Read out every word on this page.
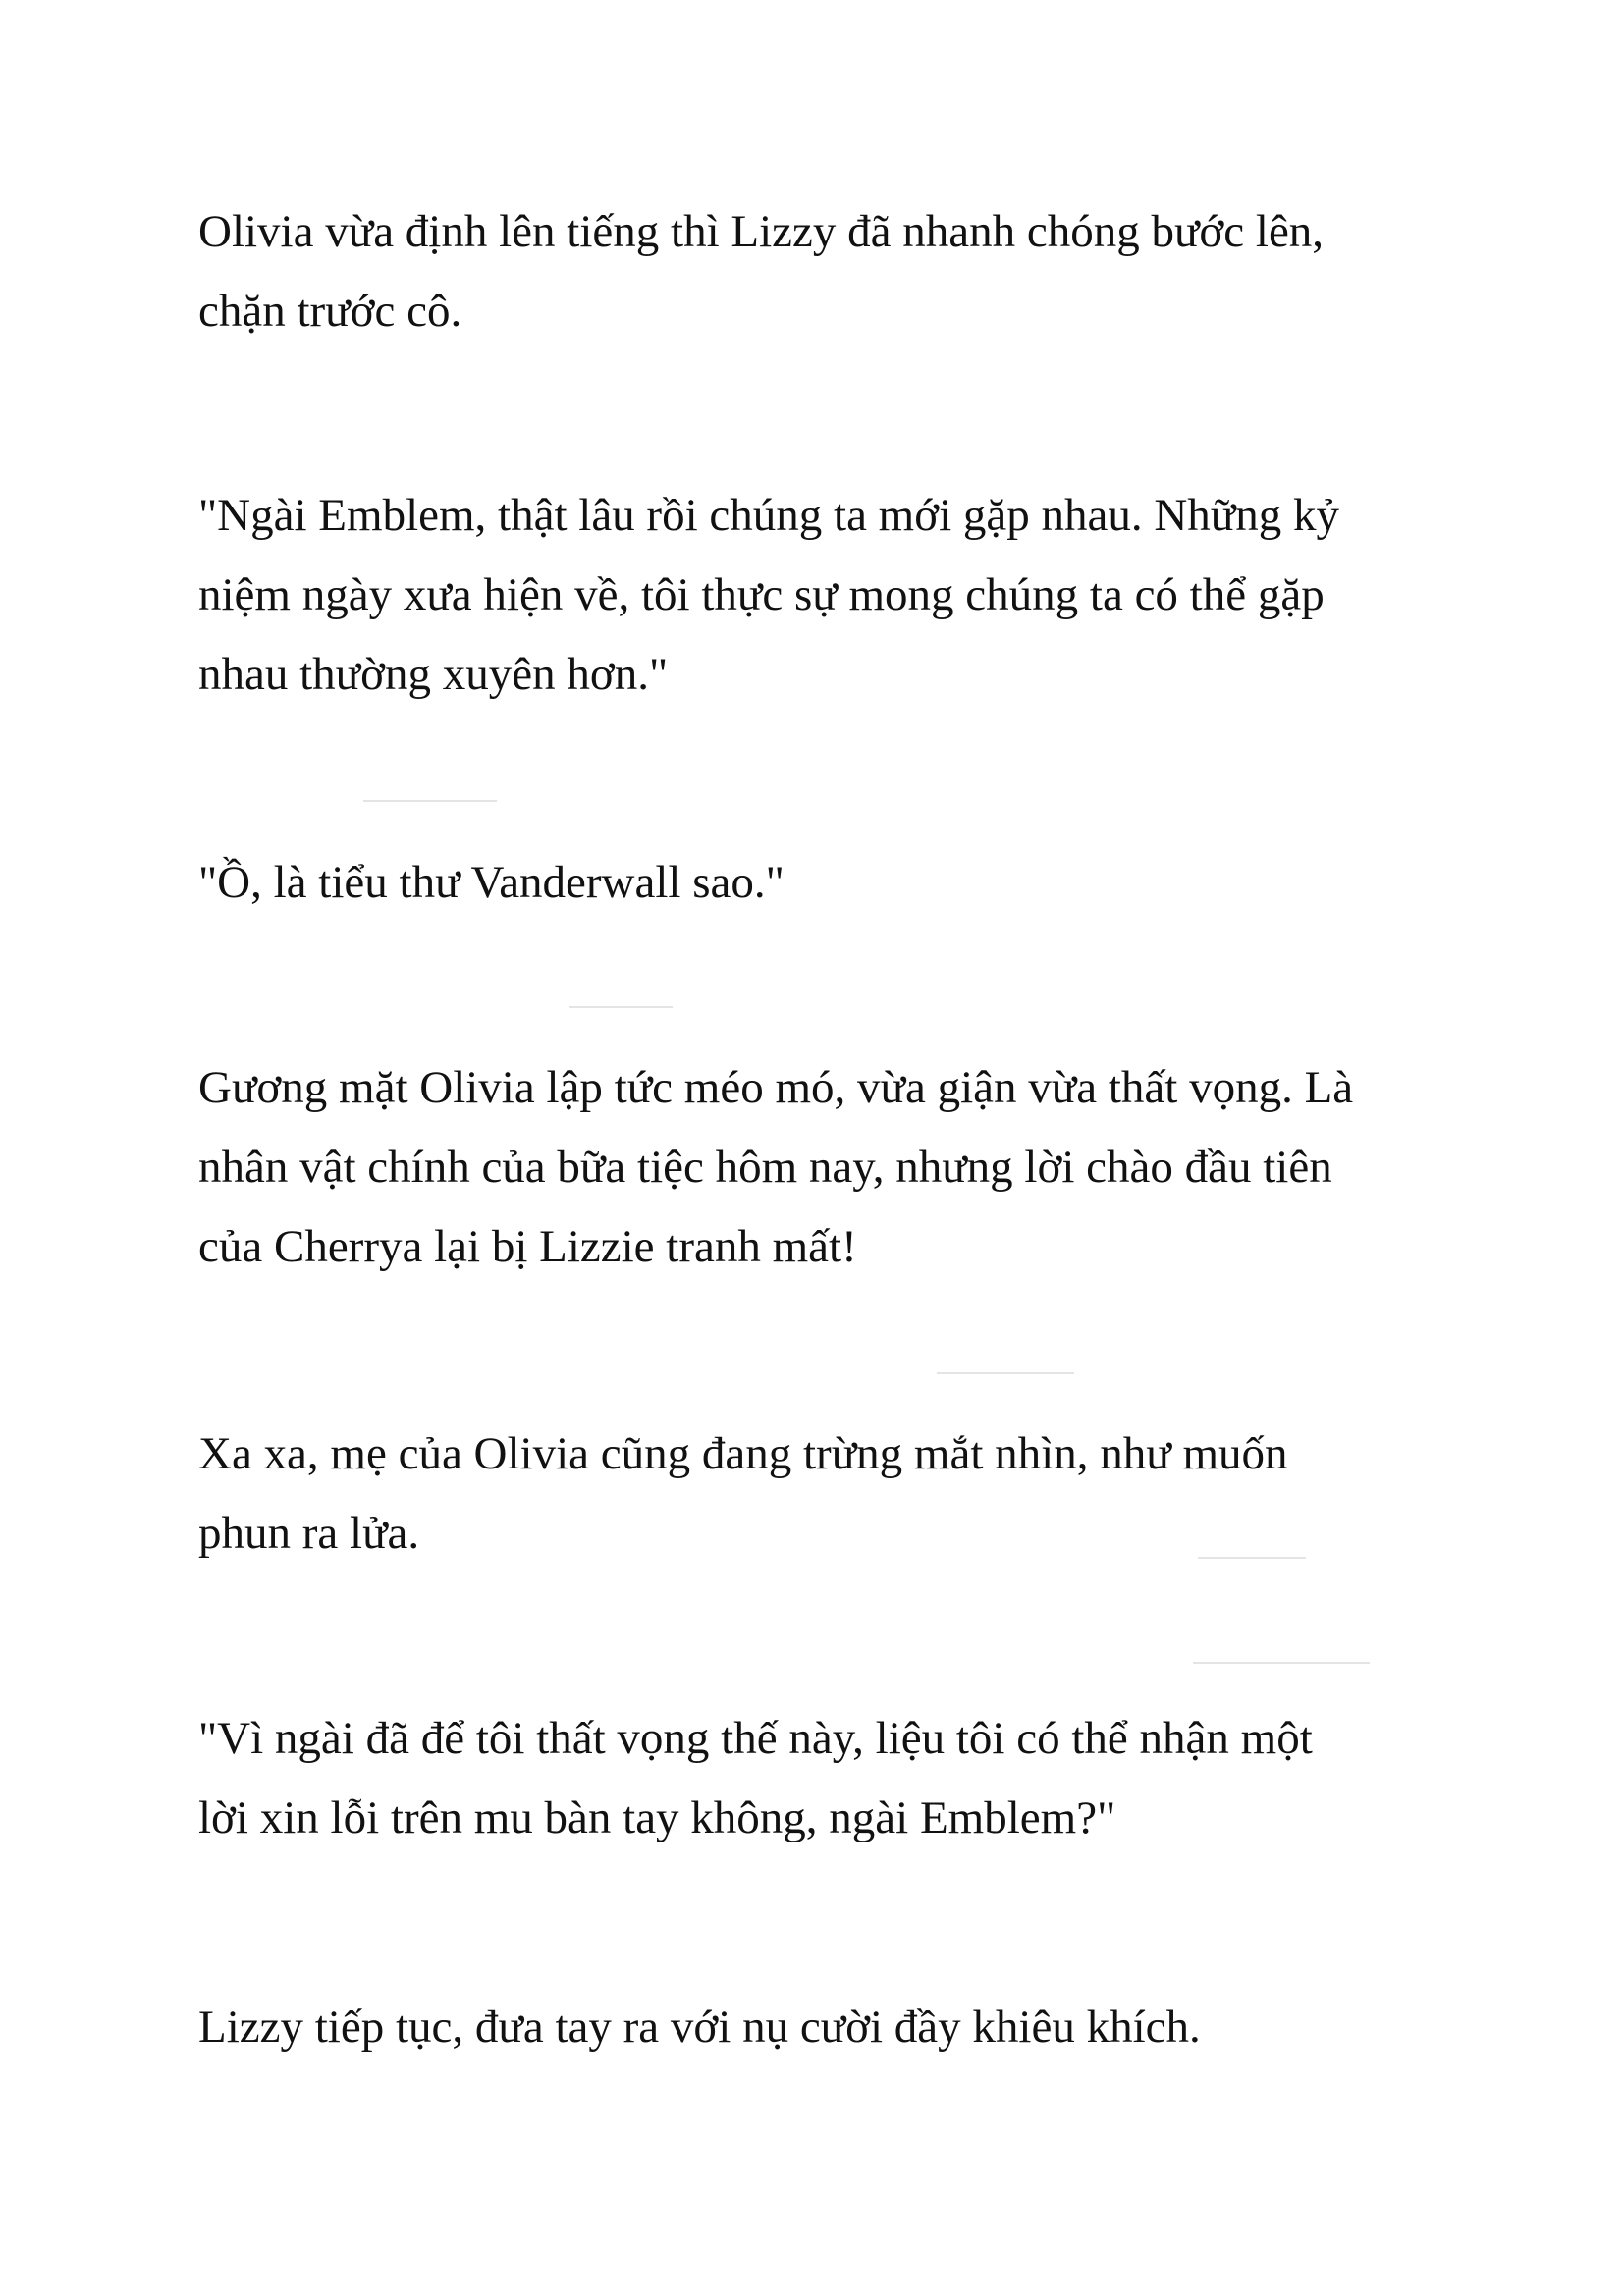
Olivia vừa định lên tiếng thì Lizzy đã nhanh chóng bước lên,
chặn trước cô.

"Ngài Emblem, thật lâu rồi chúng ta mới gặp nhau. Những kỷ
niệm ngày xưa hiện về, tôi thực sự mong chúng ta có thể gặp
nhau thường xuyên hơn."

"Ồ, là tiểu thư Vanderwall sao."

Gương mặt Olivia lập tức méo mó, vừa giận vừa thất vọng. Là
nhân vật chính của bữa tiệc hôm nay, nhưng lời chào đầu tiên
của Cherrya lại bị Lizzie tranh mất!

Xa xa, mẹ của Olivia cũng đang trừng mắt nhìn, như muốn
phun ra lửa.

"Vì ngài đã để tôi thất vọng thế này, liệu tôi có thể nhận một
lời xin lỗi trên mu bàn tay không, ngài Emblem?"

Lizzy tiếp tục, đưa tay ra với nụ cười đầy khiêu khích.
